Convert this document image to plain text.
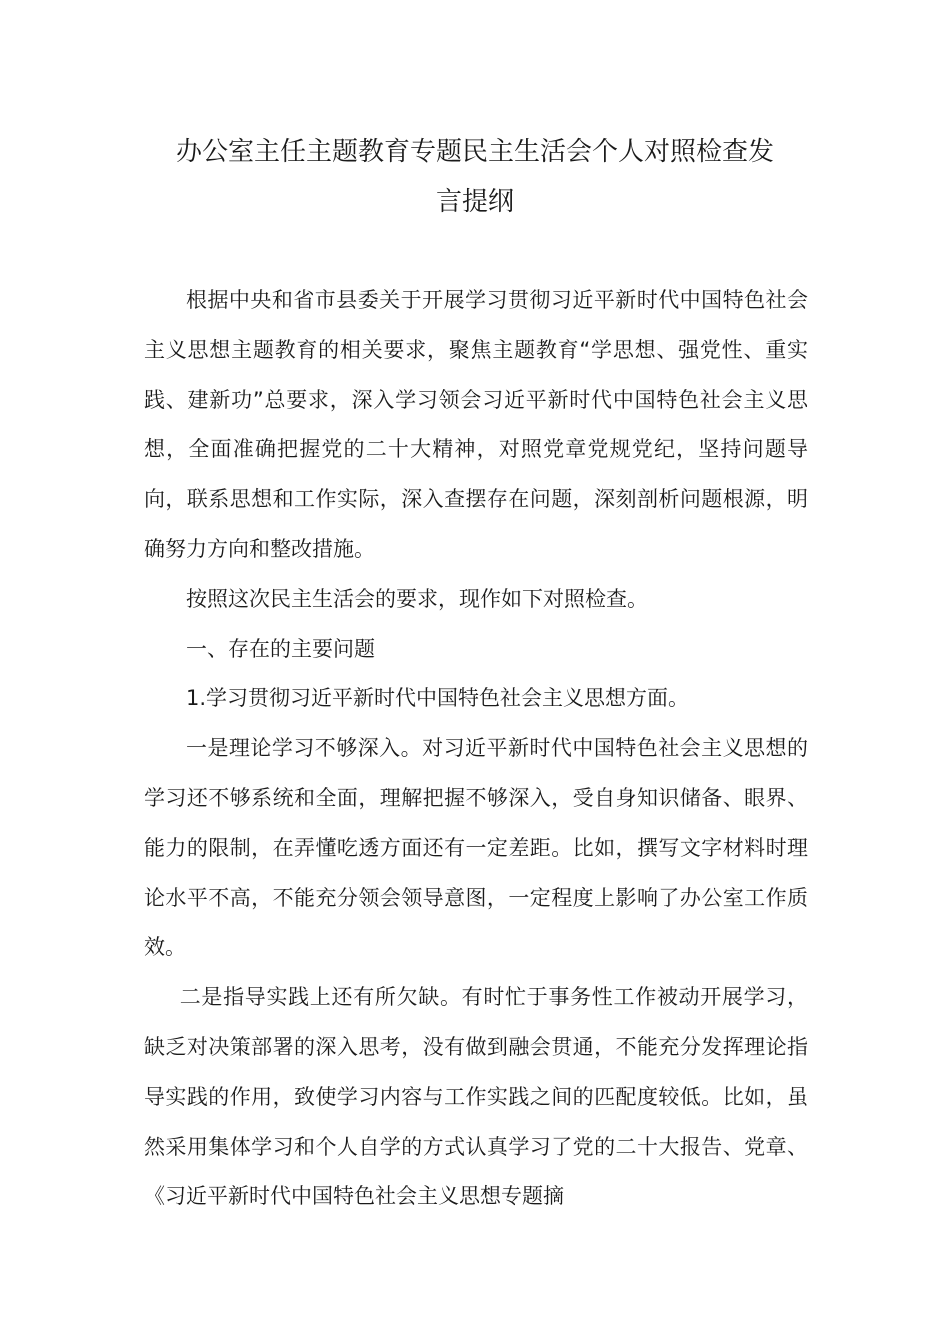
办公室主任主题教育专题民主生活会个人对照检查发
言提纲

根据中央和省市县委关于开展学习贯彻习近平新时代中国特色社会主义思想主题教育的相关要求，聚焦主题教育“学思想、强党性、重实践、建新功”总要求，深入学习领会习近平新时代中国特色社会主义思想，全面准确把握党的二十大精神，对照党章党规党纪，坚持问题导向，联系思想和工作实际，深入查摆存在问题，深刻剖析问题根源，明确努力方向和整改措施。

按照这次民主生活会的要求，现作如下对照检查。

一、存在的主要问题

1.学习贯彻习近平新时代中国特色社会主义思想方面。

一是理论学习不够深入。对习近平新时代中国特色社会主义思想的学习还不够系统和全面，理解把握不够深入，受自身知识储备、眼界、能力的限制，在弄懂吃透方面还有一定差距。比如，撰写文字材料时理论水平不高，不能充分领会领导意图，一定程度上影响了办公室工作质效。

二是指导实践上还有所欠缺。有时忙于事务性工作被动开展学习，缺乏对决策部署的深入思考，没有做到融会贯通，不能充分发挥理论指导实践的作用，致使学习内容与工作实践之间的匹配度较低。比如，虽然采用集体学习和个人自学的方式认真学习了党的二十大报告、党章、《习近平新时代中国特色社会主义思想专题摘
